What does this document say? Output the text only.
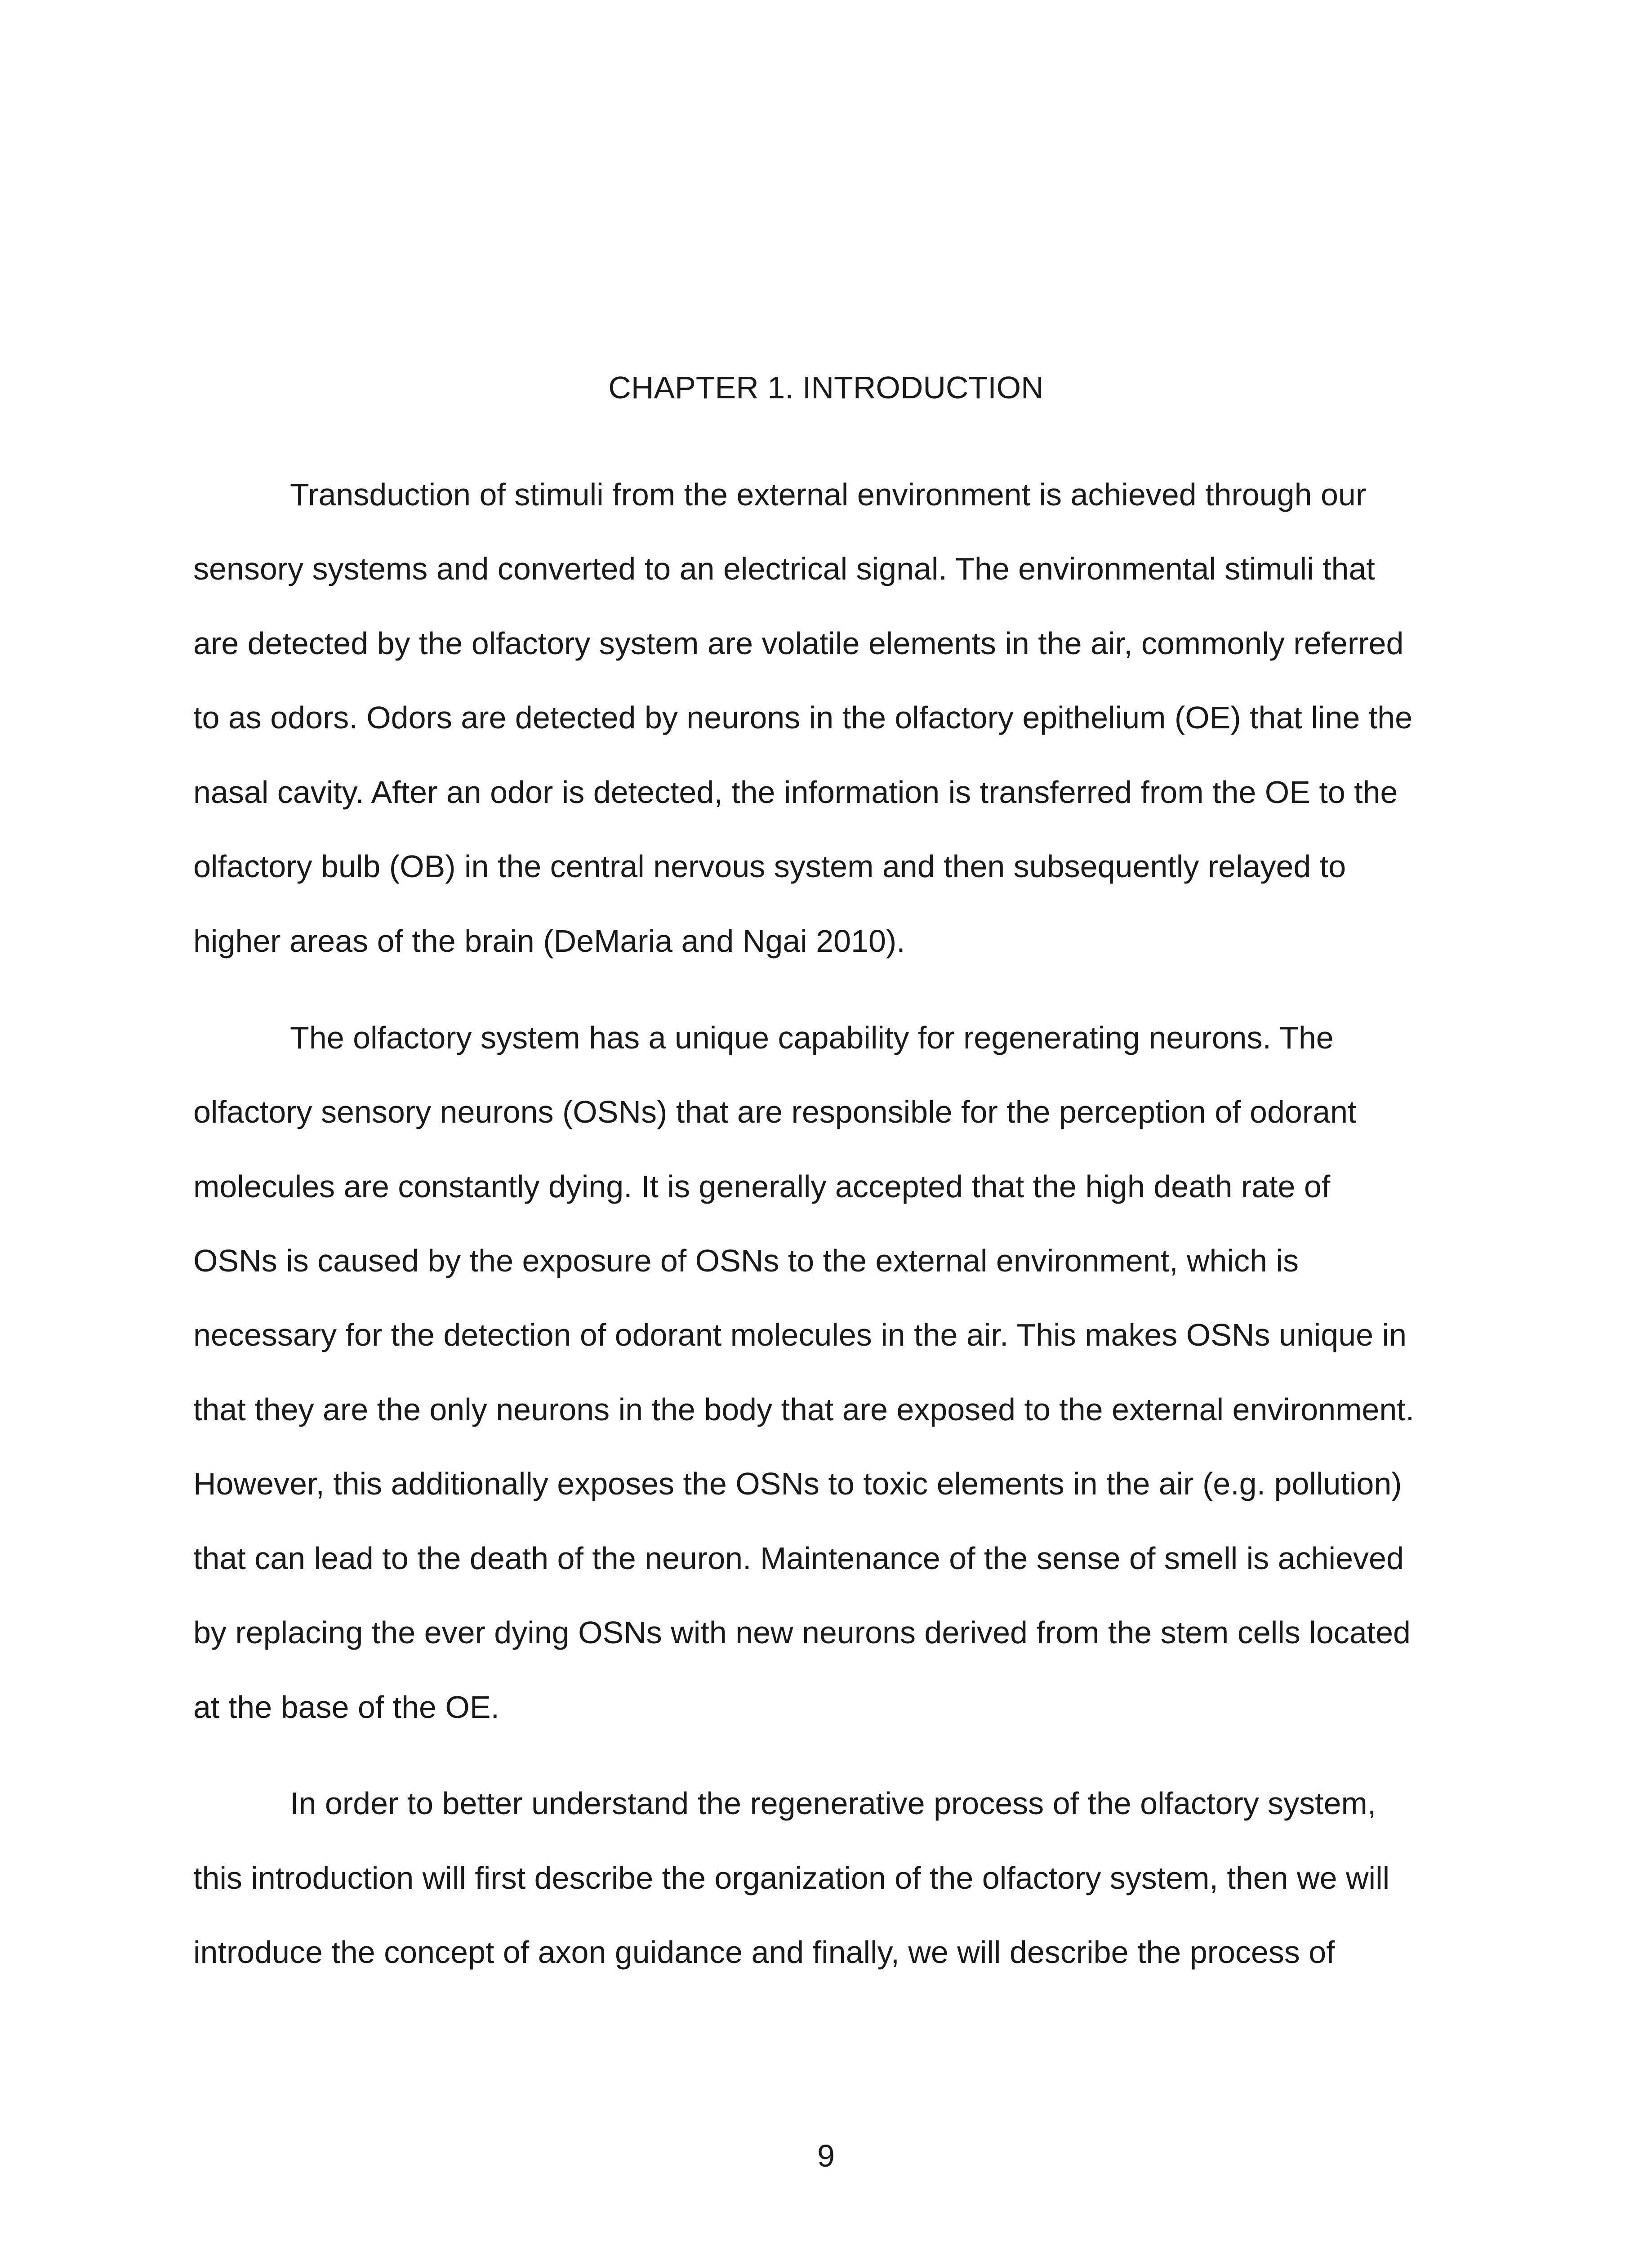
CHAPTER 1. INTRODUCTION

Transduction of stimuli from the external environment is achieved through our

sensory systems and converted to an electrical signal. The environmental stimuli that

are detected by the olfactory system are volatile elements in the air, commonly referred

to as odors. Odors are detected by neurons in the olfactory epithelium (OE) that line the

nasal cavity. After an odor is detected, the information is transferred from the OE to the

olfactory bulb (OB) in the central nervous system and then subsequently relayed to

higher areas of the brain (DeMaria and Ngai 2010).

The olfactory system has a unique capability for regenerating neurons. The

olfactory sensory neurons (OSNs) that are responsible for the perception of odorant

molecules are constantly dying. It is generally accepted that the high death rate of

OSNs is caused by the exposure of OSNs to the external environment, which is

necessary for the detection of odorant molecules in the air. This makes OSNs unique in

that they are the only neurons in the body that are exposed to the external environment.

However, this additionally exposes the OSNs to toxic elements in the air (e.g. pollution)

that can lead to the death of the neuron. Maintenance of the sense of smell is achieved

by replacing the ever dying OSNs with new neurons derived from the stem cells located

at the base of the OE.

In order to better understand the regenerative process of the olfactory system,

this introduction will first describe the organization of the olfactory system, then we will

introduce the concept of axon guidance and finally, we will describe the process of

9
